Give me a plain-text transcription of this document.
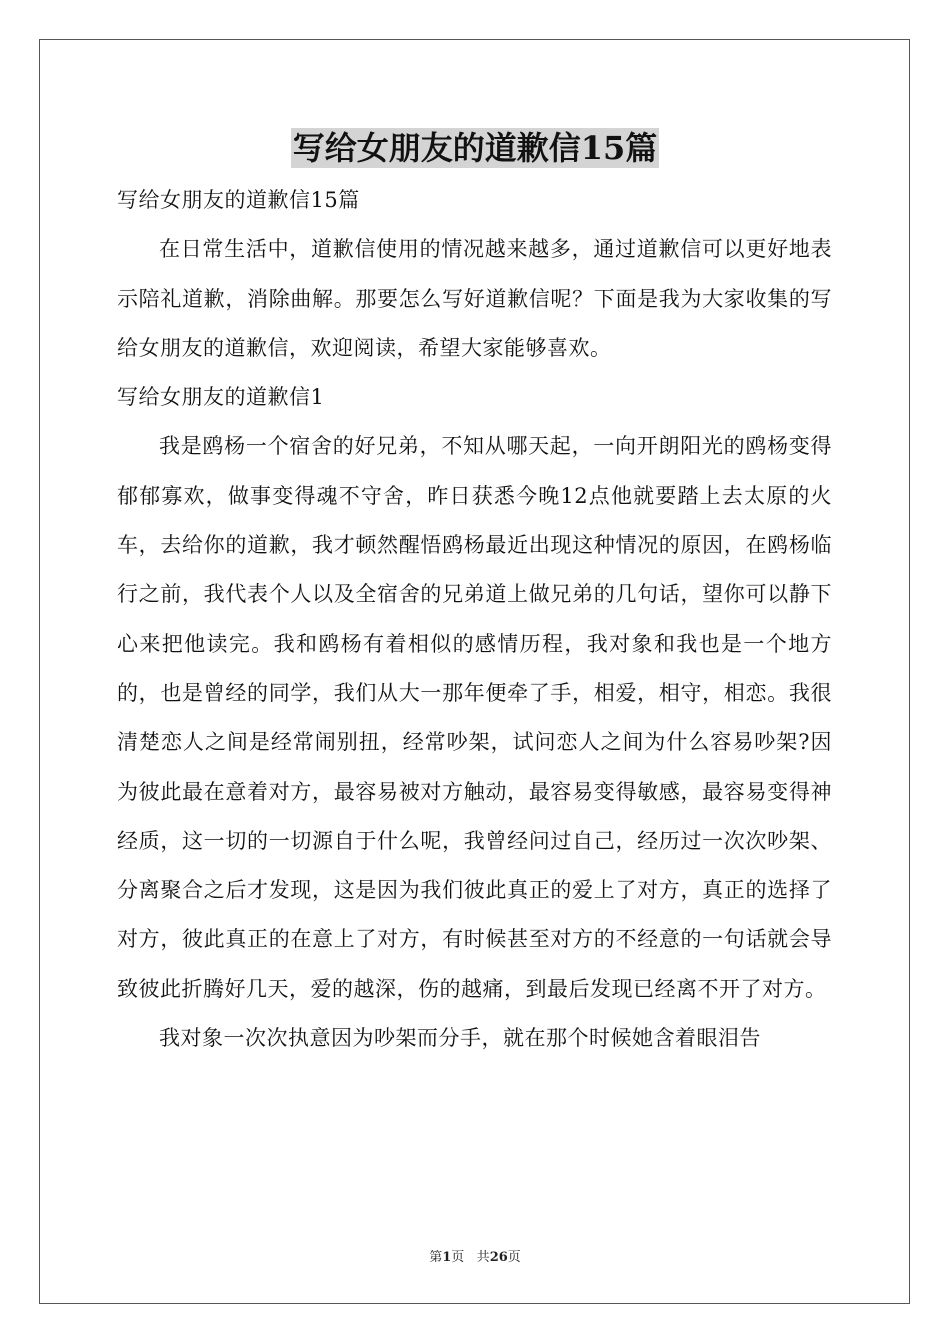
写给女朋友的道歉信15篇

写给女朋友的道歉信15篇

在日常生活中，道歉信使用的情况越来越多，通过道歉信可以更好地表示陪礼道歉，消除曲解。那要怎么写好道歉信呢？下面是我为大家收集的写给女朋友的道歉信，欢迎阅读，希望大家能够喜欢。

写给女朋友的道歉信1

我是鸥杨一个宿舍的好兄弟，不知从哪天起，一向开朗阳光的鸥杨变得郁郁寡欢，做事变得魂不守舍，昨日获悉今晚12点他就要踏上去太原的火车，去给你的道歉，我才顿然醒悟鸥杨最近出现这种情况的原因，在鸥杨临行之前，我代表个人以及全宿舍的兄弟道上做兄弟的几句话，望你可以静下心来把他读完。我和鸥杨有着相似的感情历程，我对象和我也是一个地方的，也是曾经的同学，我们从大一那年便牵了手，相爱，相守，相恋。我很清楚恋人之间是经常闹别扭，经常吵架，试问恋人之间为什么容易吵架?因为彼此最在意着对方，最容易被对方触动，最容易变得敏感，最容易变得神经质，这一切的一切源自于什么呢，我曾经问过自己，经历过一次次吵架、分离聚合之后才发现，这是因为我们彼此真正的爱上了对方，真正的选择了对方，彼此真正的在意上了对方，有时候甚至对方的不经意的一句话就会导致彼此折腾好几天，爱的越深，伤的越痛，到最后发现已经离不开了对方。

我对象一次次执意因为吵架而分手，就在那个时候她含着眼泪告

第1页 共26页
